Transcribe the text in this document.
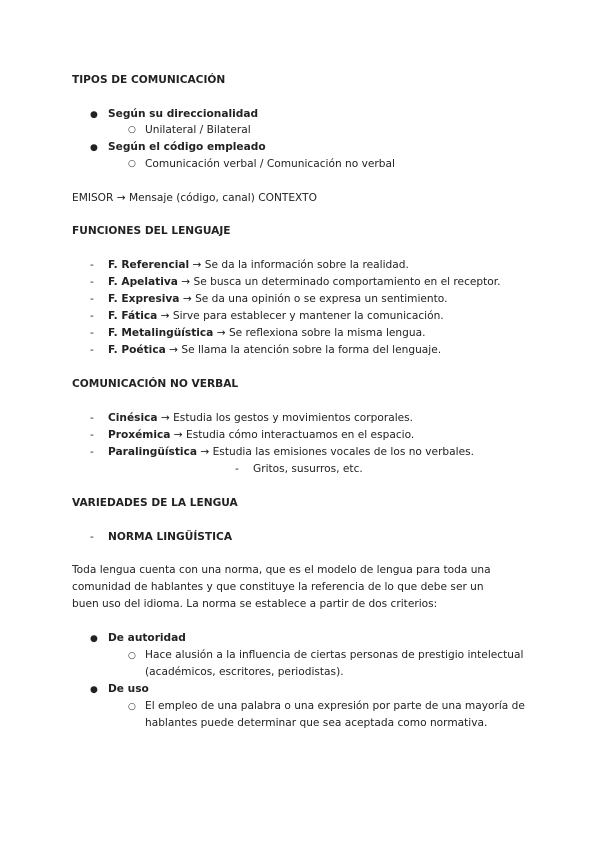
TIPOS DE COMUNICACIÓN
● Según su direccionalidad
○ Unilateral / Bilateral
● Según el código empleado
○ Comunicación verbal / Comunicación no verbal
EMISOR → Mensaje (código, canal) CONTEXTO
FUNCIONES DEL LENGUAJE
- F. Referencial → Se da la información sobre la realidad.
- F. Apelativa → Se busca un determinado comportamiento en el receptor.
- F. Expresiva → Se da una opinión o se expresa un sentimiento.
- F. Fática → Sirve para establecer y mantener la comunicación.
- F. Metalingüística → Se reflexiona sobre la misma lengua.
- F. Poética → Se llama la atención sobre la forma del lenguaje.
COMUNICACIÓN NO VERBAL
- Cinésica → Estudia los gestos y movimientos corporales.
- Proxémica → Estudia cómo interactuamos en el espacio.
- Paralingüística → Estudia las emisiones vocales de los no verbales.
- Gritos, susurros, etc.
VARIEDADES DE LA LENGUA
- NORMA LINGÜÍSTICA
Toda lengua cuenta con una norma, que es el modelo de lengua para toda una
comunidad de hablantes y que constituye la referencia de lo que debe ser un
buen uso del idioma. La norma se establece a partir de dos criterios:
● De autoridad
○ Hace alusión a la influencia de ciertas personas de prestigio intelectual
(académicos, escritores, periodistas).
● De uso
○ El empleo de una palabra o una expresión por parte de una mayoría de
hablantes puede determinar que sea aceptada como normativa.
